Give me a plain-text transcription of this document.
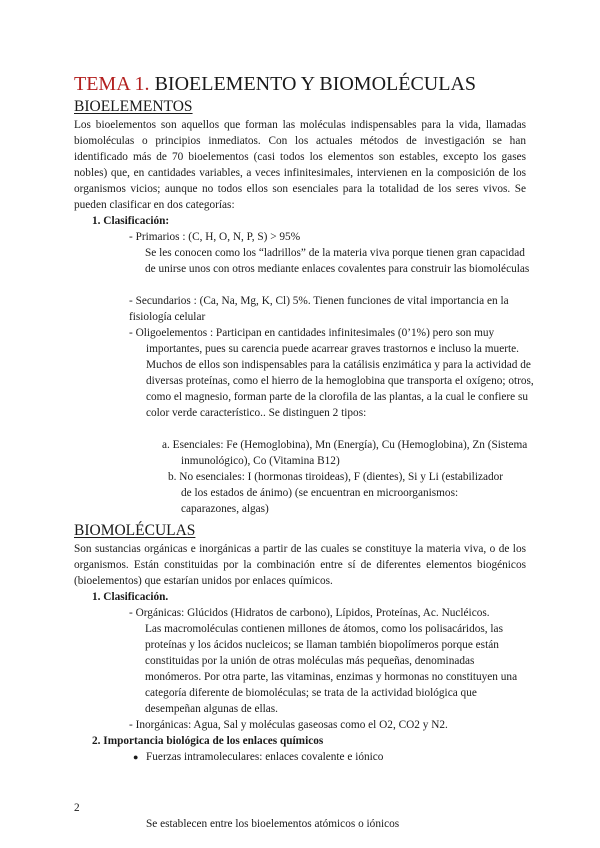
TEMA 1. BIOELEMENTO Y BIOMOLÉCULAS
BIOELEMENTOS
Los bioelementos son aquellos que forman las moléculas indispensables para la vida, llamadas biomoléculas o principios inmediatos. Con los actuales métodos de investigación se han identificado más de 70 bioelementos (casi todos los elementos son estables, excepto los gases nobles) que, en cantidades variables, a veces infinitesimales, intervienen en la composición de los organismos vicios; aunque no todos ellos son esenciales para la totalidad de los seres vivos. Se pueden clasificar en dos categorías:
1. Clasificación:
- Primarios : (C, H, O, N, P, S) > 95%
Se les conocen como los “ladrillos” de la materia viva porque tienen gran capacidad de unirse unos con otros mediante enlaces covalentes para construir las biomoléculas
- Secundarios : (Ca, Na, Mg, K, Cl) 5%. Tienen funciones de vital importancia en la fisiología celular
- Oligoelementos : Participan en cantidades infinitesimales (0’1%) pero son muy importantes, pues su carencia puede acarrear graves trastornos e incluso la muerte. Muchos de ellos son indispensables para la catálisis enzimática y para la actividad de diversas proteínas, como el hierro de la hemoglobina que transporta el oxígeno; otros, como el magnesio, forman parte de la clorofila de las plantas, a la cual le confiere su color verde característico.. Se distinguen 2 tipos:
a. Esenciales: Fe (Hemoglobina), Mn (Energía), Cu (Hemoglobina), Zn (Sistema inmunológico), Co (Vitamina B12)
b. No esenciales: I (hormonas tiroideas), F (dientes), Si y Li (estabilizador de los estados de ánimo) (se encuentran en microorganismos: caparazones, algas)
BIOMOLÉCULAS
Son sustancias orgánicas e inorgánicas a partir de las cuales se constituye la materia viva, o de los organismos. Están constituidas por la combinación entre sí de diferentes elementos biogénicos (bioelementos) que estarían unidos por enlaces químicos.
1. Clasificación.
- Orgánicas: Glúcidos (Hidratos de carbono), Lípidos, Proteínas, Ac. Nucléicos.
Las macromoléculas contienen millones de átomos, como los polisacáridos, las proteínas y los ácidos nucleicos; se llaman también biopolímeros porque están constituidas por la unión de otras moléculas más pequeñas, denominadas monómeros. Por otra parte, las vitaminas, enzimas y hormonas no constituyen una categoría diferente de biomoléculas; se trata de la actividad biológica que desempeñan algunas de ellas.
- Inorgánicas: Agua, Sal y moléculas gaseosas como el O2, CO2 y N2.
2. Importancia biológica de los enlaces químicos
● Fuerzas intramoleculares: enlaces covalente e iónico
2
Se establecen entre los bioelementos atómicos o iónicos
